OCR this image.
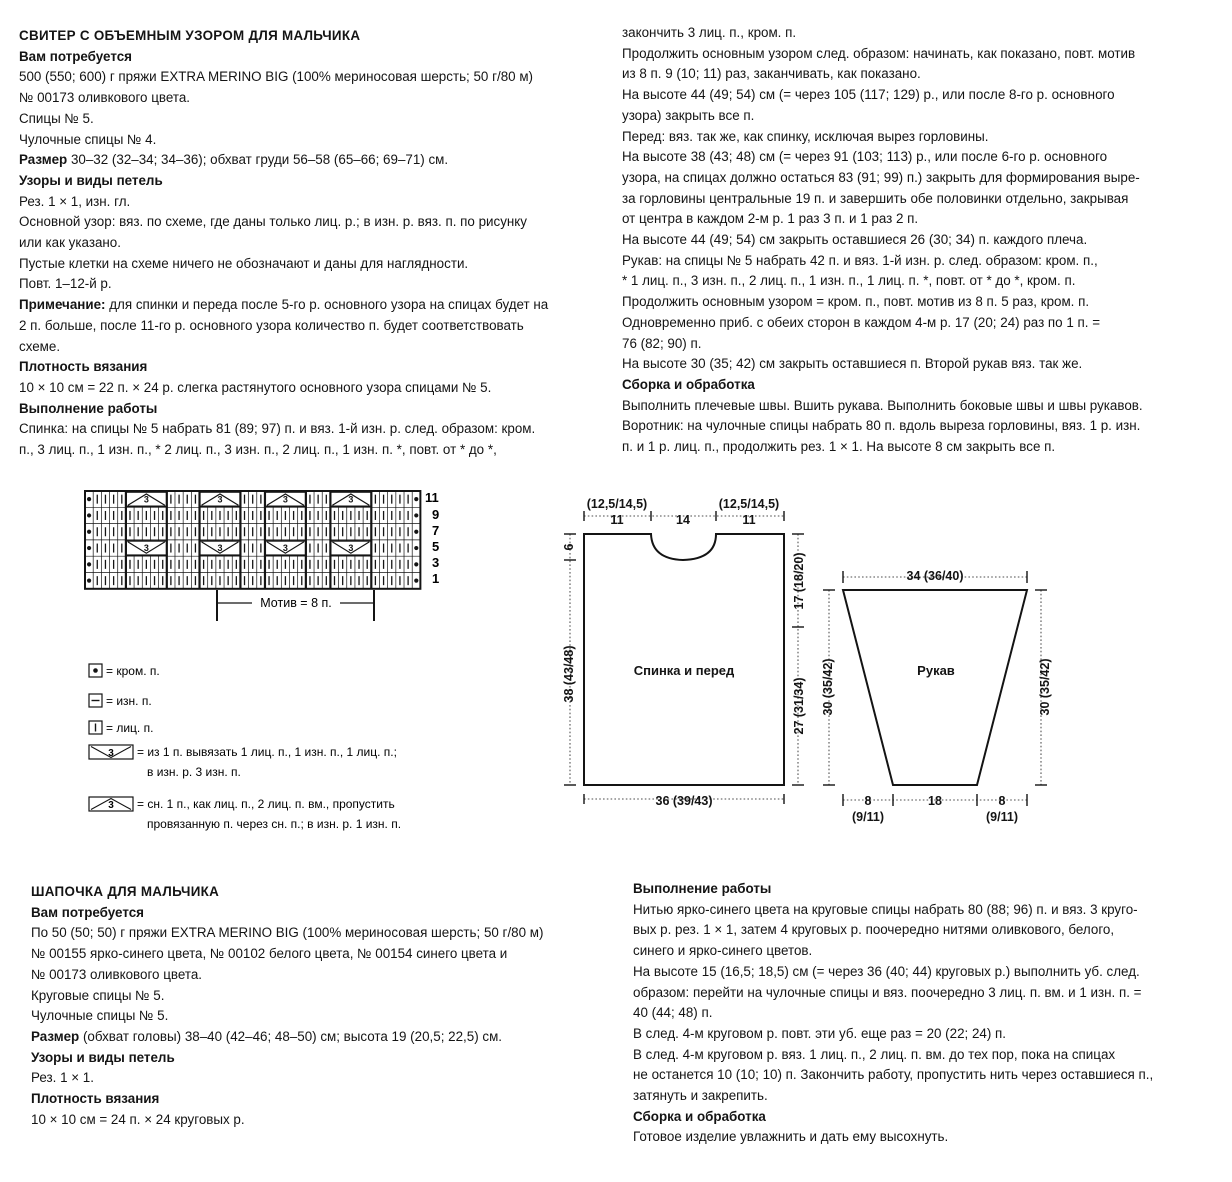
СВИТЕР С ОБЪЕМНЫМ УЗОРОМ ДЛЯ МАЛЬЧИКА

Вам потребуется

500 (550; 600) г пряжи EXTRA MERINO BIG (100% мериносовая шерсть; 50 г/80 м)

№ 00173 оливкового цвета.

Спицы № 5.

Чулочные спицы № 4.

Размер 30–32 (32–34; 34–36); обхват груди 56–58 (65–66; 69–71) см.

Узоры и виды петель

Рез. 1 × 1, изн. гл.

Основной узор: вяз. по схеме, где даны только лиц. р.; в изн. р. вяз. п. по рисунку

или как указано.

Пустые клетки на схеме ничего не обозначают и даны для наглядности.

Повт. 1–12-й р.

Примечание: для спинки и переда после 5-го р. основного узора на спицах будет на

2 п. больше, после 11-го р. основного узора количество п. будет соответствовать

схеме.

Плотность вязания

10 × 10 см = 22 п. × 24 р. слегка растянутого основного узора спицами № 5.

Выполнение работы

Спинка: на спицы № 5 набрать 81 (89; 97) п. и вяз. 1-й изн. р. след. образом: кром.

п., 3 лиц. п., 1 изн. п., * 2 лиц. п., 3 изн. п., 2 лиц. п., 1 изн. п. *, повт. от * до *,

закончить 3 лиц. п., кром. п.

Продолжить основным узором след. образом: начинать, как показано, повт. мотив

из 8 п. 9 (10; 11) раз, заканчивать, как показано.

На высоте 44 (49; 54) см (= через 105 (117; 129) р., или после 8-го р. основного

узора) закрыть все п.

Перед: вяз. так же, как спинку, исключая вырез горловины.

На высоте 38 (43; 48) см (= через 91 (103; 113) р., или после 6-го р. основного

узора, на спицах должно остаться 83 (91; 99) п.) закрыть для формирования выре-

за горловины центральные 19 п. и завершить обе половинки отдельно, закрывая

от центра в каждом 2-м р. 1 раз 3 п. и 1 раз 2 п.

На высоте 44 (49; 54) см закрыть оставшиеся 26 (30; 34) п. каждого плеча.

Рукав: на спицы № 5 набрать 42 п. и вяз. 1-й изн. р. след. образом: кром. п.,

* 1 лиц. п., 3 изн. п., 2 лиц. п., 1 изн. п., 1 лиц. п. *, повт. от * до *, кром. п.

Продолжить основным узором = кром. п., повт. мотив из 8 п. 5 раз, кром. п.

Одновременно приб. с обеих сторон в каждом 4-м р. 17 (20; 24) раз по 1 п. =

76 (82; 90) п.

На высоте 30 (35; 42) см закрыть оставшиеся п. Второй рукав вяз. так же.

Сборка и обработка

Выполнить плечевые швы. Вшить рукава. Выполнить боковые швы и швы рукавов.

Воротник: на чулочные спицы набрать 80 п. вдоль выреза горловины, вяз. 1 р. изн.

п. и 1 р. лиц. п., продолжить рез. 1 × 1. На высоте 8 см закрыть все п.

3
3
3
3
3
3
3
3
11
9
7
5
3
1
Мотив = 8 п.
= кром. п.
= изн. п.
= лиц. п.
3 = из 1 п. вывязать 1 лиц. п., 1 изн. п., 1 лиц. п.;
в изн. р. 3 изн. п.
3 = сн. 1 п., как лиц. п., 2 лиц. п. вм., пропустить
провязанную п. через сн. п.; в изн. р. 1 изн. п.
(12,5/14,5)
11	14
(12,5/14,5)
11
6
38 (43/48)
17 (18/20)
27 (31/34)
36 (39/43)
Спинка и перед
34 (36/40)
30 (35/42)	30 (35/42)
18
8
(9/11)
8
(9/11)
Рукав

ШАПОЧКА ДЛЯ МАЛЬЧИКА

Вам потребуется

По 50 (50; 50) г пряжи EXTRA MERINO BIG (100% мериносовая шерсть; 50 г/80 м)

№ 00155 ярко-синего цвета, № 00102 белого цвета, № 00154 синего цвета и

№ 00173 оливкового цвета.

Круговые спицы № 5.

Чулочные спицы № 5.

Размер (обхват головы) 38–40 (42–46; 48–50) см; высота 19 (20,5; 22,5) см.

Узоры и виды петель

Рез. 1 × 1.

Плотность вязания

10 × 10 см = 24 п. × 24 круговых р.

Выполнение работы

Нитью ярко-синего цвета на круговые спицы набрать 80 (88; 96) п. и вяз. 3 круго-

вых р. рез. 1 × 1, затем 4 круговых р. поочередно нитями оливкового, белого,

синего и ярко-синего цветов.

На высоте 15 (16,5; 18,5) см (= через 36 (40; 44) круговых р.) выполнить уб. след.

образом: перейти на чулочные спицы и вяз. поочередно 3 лиц. п. вм. и 1 изн. п. =

40 (44; 48) п.

В след. 4-м круговом р. повт. эти уб. еще раз = 20 (22; 24) п.

В след. 4-м круговом р. вяз. 1 лиц. п., 2 лиц. п. вм. до тех пор, пока на спицах

не останется 10 (10; 10) п. Закончить работу, пропустить нить через оставшиеся п.,

затянуть и закрепить.

Сборка и обработка

Готовое изделие увлажнить и дать ему высохнуть.
